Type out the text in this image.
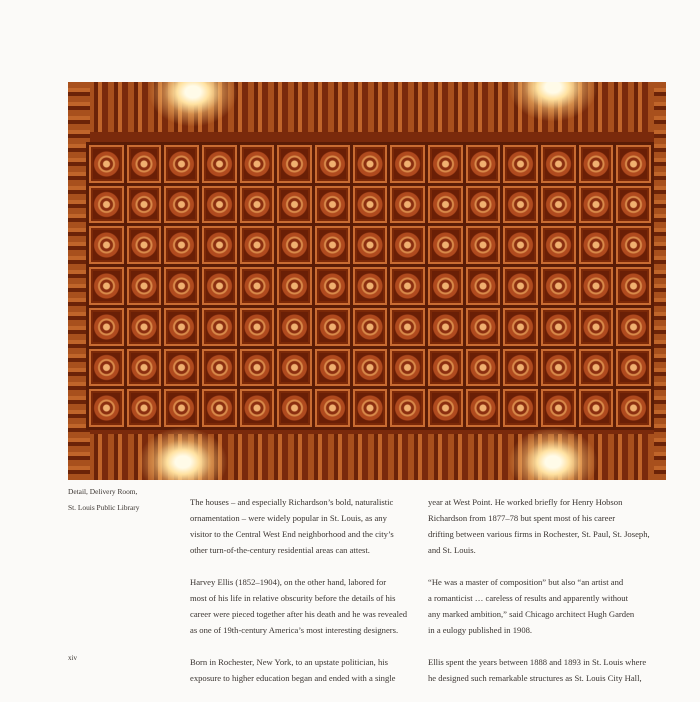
Detail, Delivery Room,
St. Louis Public Library

The houses – and especially Richardson’s bold, naturalistic
ornamentation – were widely popular in St. Louis, as any
visitor to the Central West End neighborhood and the city’s
other turn-of-the-century residential areas can attest.

Harvey Ellis (1852–1904), on the other hand, labored for
most of his life in relative obscurity before the details of his
career were pieced together after his death and he was revealed
as one of 19th-century America’s most interesting designers.

Born in Rochester, New York, to an upstate politician, his
exposure to higher education began and ended with a single

year at West Point. He worked briefly for Henry Hobson
Richardson from 1877–78 but spent most of his career
drifting between various firms in Rochester, St. Paul, St. Joseph,
and St. Louis.

“He was a master of composition” but also “an artist and
a romanticist … careless of results and apparently without
any marked ambition,” said Chicago architect Hugh Garden
in a eulogy published in 1908.

Ellis spent the years between 1888 and 1893 in St. Louis where
he designed such remarkable structures as St. Louis City Hall,

xiv
